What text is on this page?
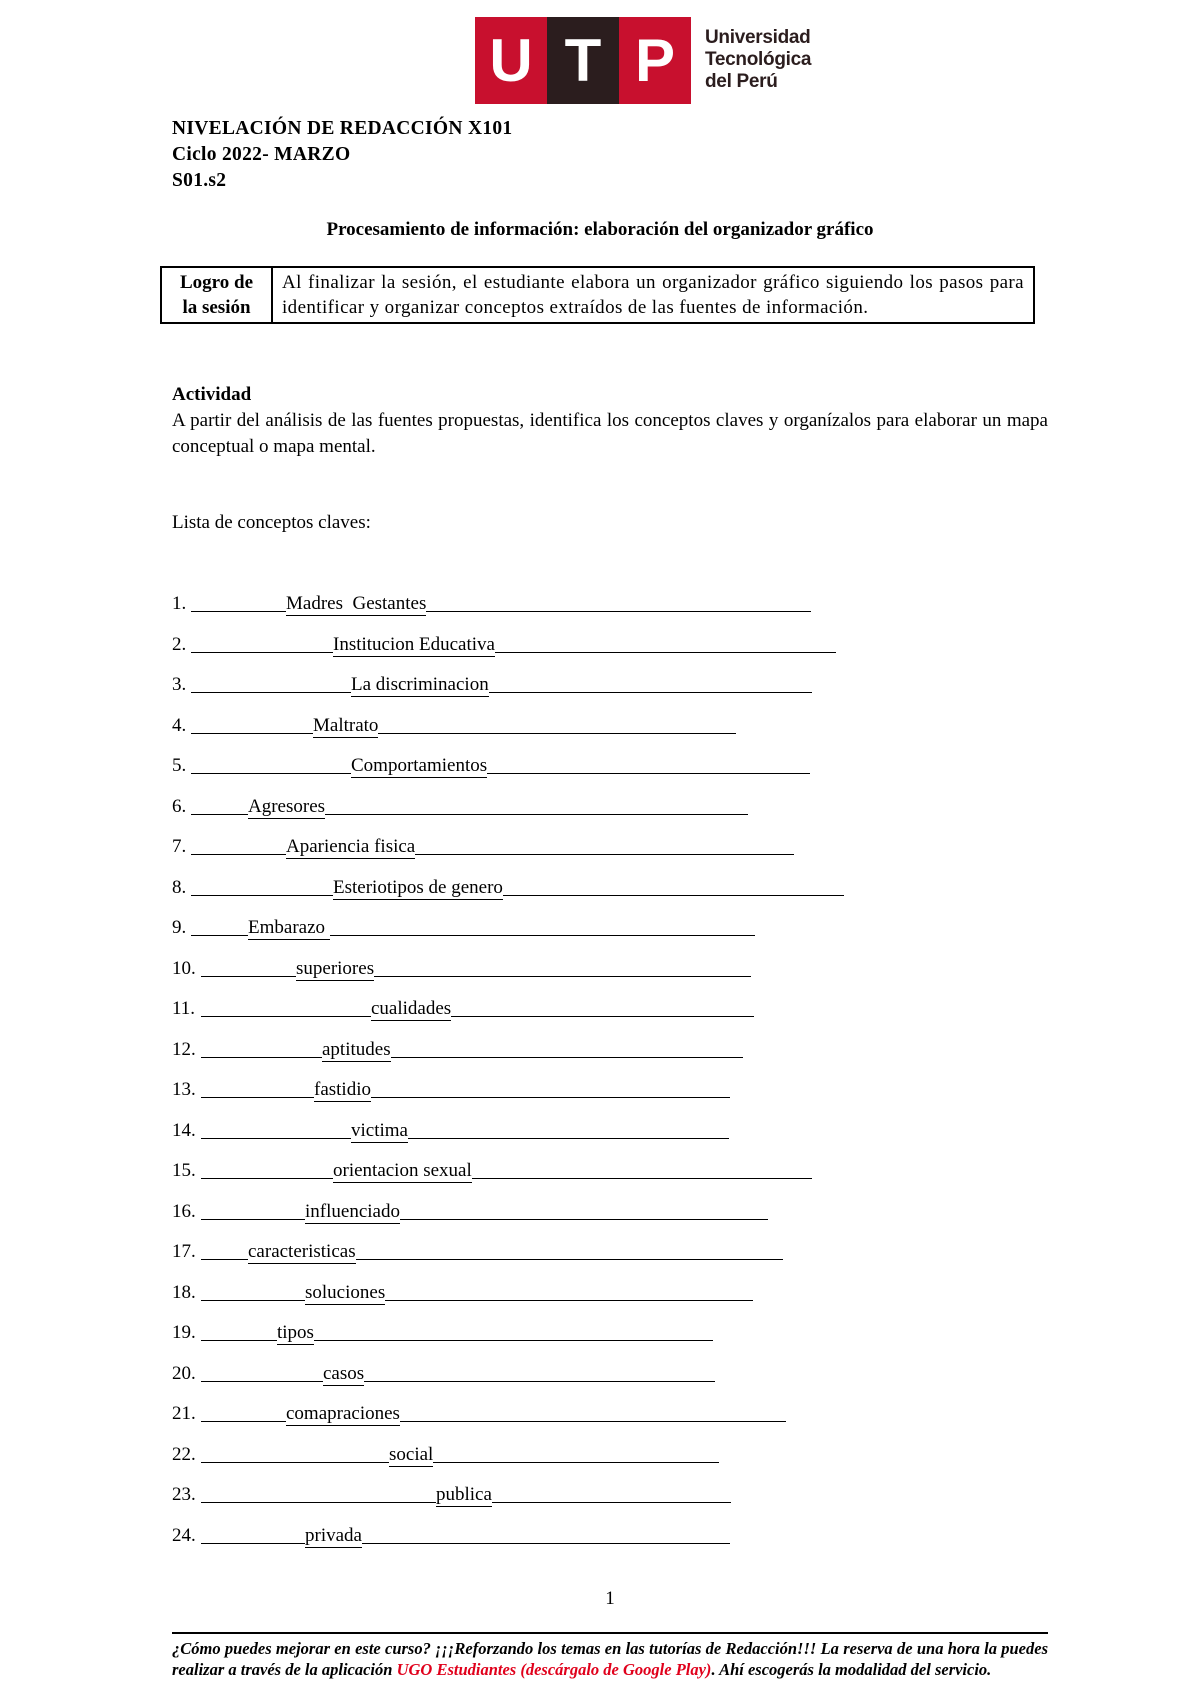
U T P	Universidad
Tecnológica
del Perú
NIVELACIÓN DE REDACCIÓN X101
Ciclo 2022- MARZO
S01.s2
Procesamiento de información: elaboración del organizador gráfico
Logro de
la sesión	Al finalizar la sesión, el estudiante elabora un organizador gráfico siguiendo los pasos para identificar y organizar conceptos extraídos de las fuentes de información.
Actividad
A partir del análisis de las fuentes propuestas, identifica los conceptos claves y organízalos para elaborar un mapa conceptual o mapa mental.
Lista de conceptos claves:
1.	Madres  Gestantes
2.	Institucion Educativa
3.	La discriminacion
4.	Maltrato
5.	Comportamientos
6.	Agresores
7.	Apariencia fisica
8.	Esteriotipos de genero
9.	Embarazo
10.	superiores
11.	cualidades
12.	aptitudes
13.	fastidio
14.	victima
15.	orientacion sexual
16.	influenciado
17.	caracteristicas
18.	soluciones
19.	tipos
20.	casos
21.	comapraciones
22.	social
23.	publica
24.	privada
1
¿Cómo puedes mejorar en este curso? ¡¡¡Reforzando los temas en las tutorías de Redacción!!! La reserva de una hora la puedes realizar a través de la aplicación UGO Estudiantes (descárgalo de Google Play). Ahí escogerás la modalidad del servicio.
